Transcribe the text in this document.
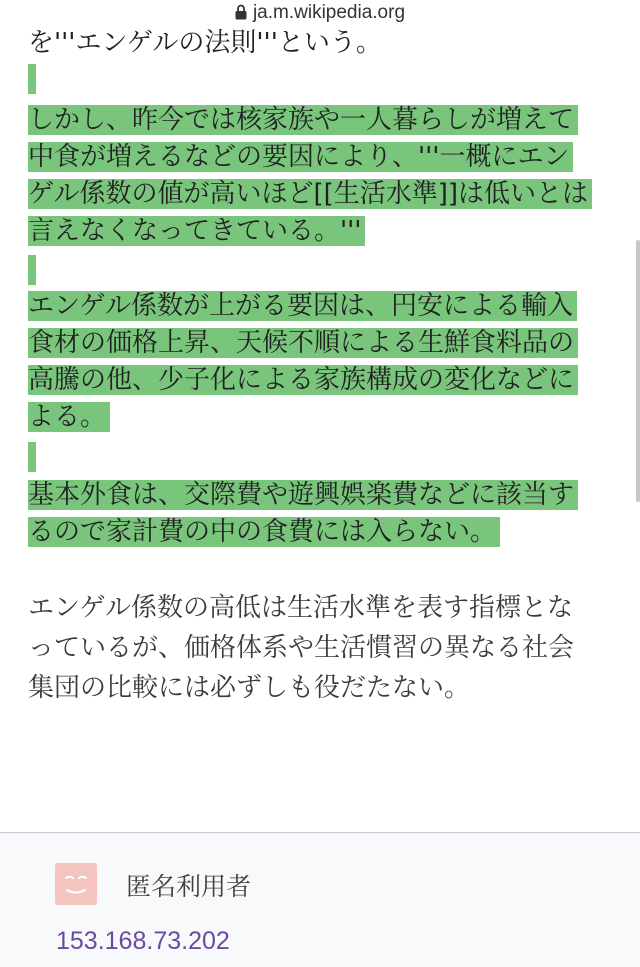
ja.m.wikipedia.org
を'''エンゲルの法則'''という。
しかし、昨今では核家族や一人暮らしが増えて
中食が増えるなどの要因により、'''一概にエン
ゲル係数の値が高いほど[[生活水準]]は低いとは
言えなくなってきている。'''
エンゲル係数が上がる要因は、円安による輸入
食材の価格上昇、天候不順による生鮮食料品の
高騰の他、少子化による家族構成の変化などに
よる。
基本外食は、交際費や遊興娯楽費などに該当す
るので家計費の中の食費には入らない。
エンゲル係数の高低は生活水準を表す指標とな
っているが、価格体系や生活慣習の異なる社会
集団の比較には必ずしも役だたない。
匿名利用者
153.168.73.202
